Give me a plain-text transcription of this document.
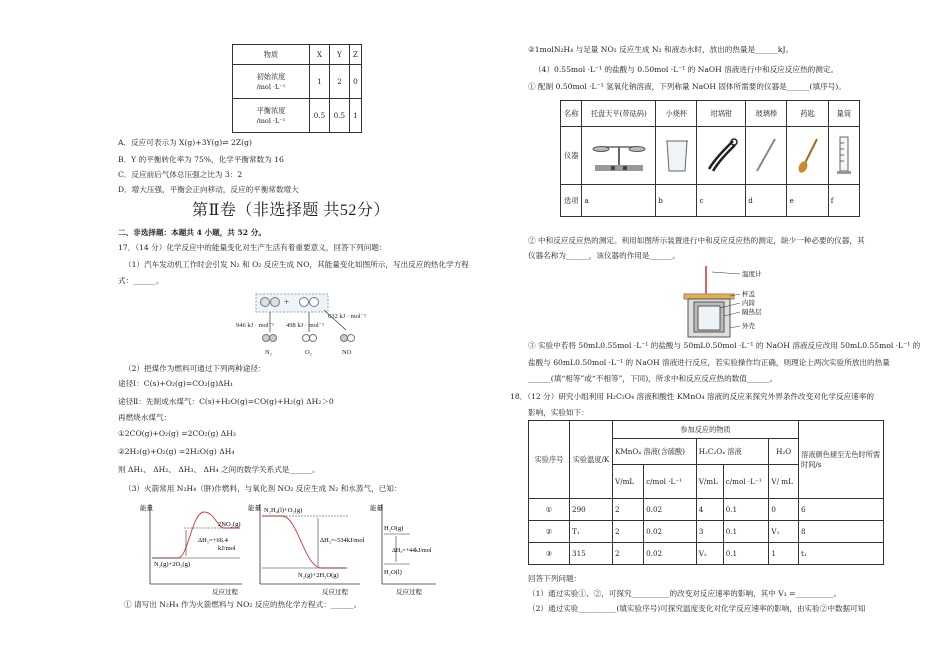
物质	X	Y	Z
初始浓度
/mol ·L⁻¹	1	2	0
平衡浓度
/mol ·L⁻¹	0.5	0.5	1
A．反应可表示为 X(g)+3Y(g)⇌ 2Z(g)
B．Y 的平衡转化率为 75%，化学平衡常数为 16
C．反应前后气体总压强之比为 3：2
D．增大压强，平衡会正向移动，反应的平衡常数增大
第Ⅱ卷（非选择题 共52分）
二、非选择题：本题共 4 小题，共 52 分。
17．（14 分）化学反应中的能量变化对生产生活有着重要意义，回答下列问题：
（1）汽车发动机工作时会引发 N₂ 和 O₂ 反应生成 NO，其能量变化如图所示，写出反应的热化学方程
式：______。
+
946 kJ · mol⁻¹ 498 kJ · mol⁻¹
632 kJ · mol⁻¹
N₂	O₂	NO
（2）把煤作为燃料可通过下列两种途径：
途径Ⅰ：C(s)+O₂(g)=CO₂(g)ΔH₁
途径Ⅱ：先制成水煤气：C(s)+H₂O(g)=CO(g)+H₂(g) ΔH₂＞0
再燃烧水煤气：
①2CO(g)+O₂(g) =2CO₂(g) ΔH₃
②2H₂(g)+O₂(g) =2H₂O(g) ΔH₄
则 ΔH₁、 ΔH₂、 ΔH₃、 ΔH₄ 之间的数学关系式是______。
（3）火箭常用 N₂H₄（肼)作燃料，与氧化剂 NO₂ 反应生成 N₂ 和水蒸气，已知：
能量
反应过程
2NO₂(g)
N₂(g)+2O₂(g)
ΔH₁=+66.4
kJ/mol
能量
反应过程
N₂H₄(l)+O₂(g)
N₂(g)+2H₂O(g)
ΔH₂=-534kJ/mol
能量
反应过程
H₂O(g)
H₂O(l)
ΔH₃=+44kJ/mol
① 请写出 N₂H₄ 作为火箭燃料与 NO₂ 反应的热化学方程式：______。
②1molN₂H₄ 与足量 NO₂ 反应生成 N₂ 和液态水时，放出的热量是______kJ。
（4）0.55mol ·L⁻¹ 的盐酸与 0.50mol ·L⁻¹ 的 NaOH 溶液进行中和反应反应热的测定。
① 配制 0.50mol ·L⁻¹ 氢氧化钠溶液，下列称量 NaOH 固体所需要的仪器是______(填序号)。
名称	托盘天平(带砝码)	小烧杯	坩埚钳	玻璃棒	药匙	量筒
仪器						
选项	a	b	c	d	e	f
② 中和反应反应热的测定。利用如图所示装置进行中和反应反应热的测定，缺少一种必要的仪器，其
仪器名称为______，该仪器的作用是______。
温度计
杯盖
内筒
隔热层
外壳
③ 实验中若将 50mL0.55mol ·L⁻¹ 的盐酸与 50mL0.50mol ·L⁻¹ 的 NaOH 溶液反应改用 50mL0.55mol ·L⁻¹ 的
盐酸与 60mL0.50mol ·L⁻¹ 的 NaOH 溶液进行反应，若实验操作均正确，则理论上两次实验所放出的热量
______(填“相等”或“不相等”，下同)，所求中和反应反应热的数值______。
18．（12 分）研究小组利用 H₂C₂O₄ 溶液和酸性 KMnO₄ 溶液的反应来探究外界条件改变对化学反应速率的
影响，实验如下：
实验序号	实验温度/K	参加反应的物质					溶液颜色褪至无色时所需时间/s
		KMnO₄ 溶液(含硫酸)		H₂C₂O₄ 溶液		H₂O	
		V/mL	c/mol ·L⁻¹	V/mL	c/mol ·L⁻¹	V/ mL	
①	290	2	0.02	4	0.1	0	6
②	T₁	2	0.02	3	0.1	V₁	8
③	315	2	0.02	V₂	0.1	1	t₁
回答下列问题：
（1）通过实验①、②，可探究__________的改变对反应速率的影响，其中 V₁ =__________。
（2）通过实验__________(填实验序号)可探究温度变化对化学反应速率的影响，由实验②中数据可知
